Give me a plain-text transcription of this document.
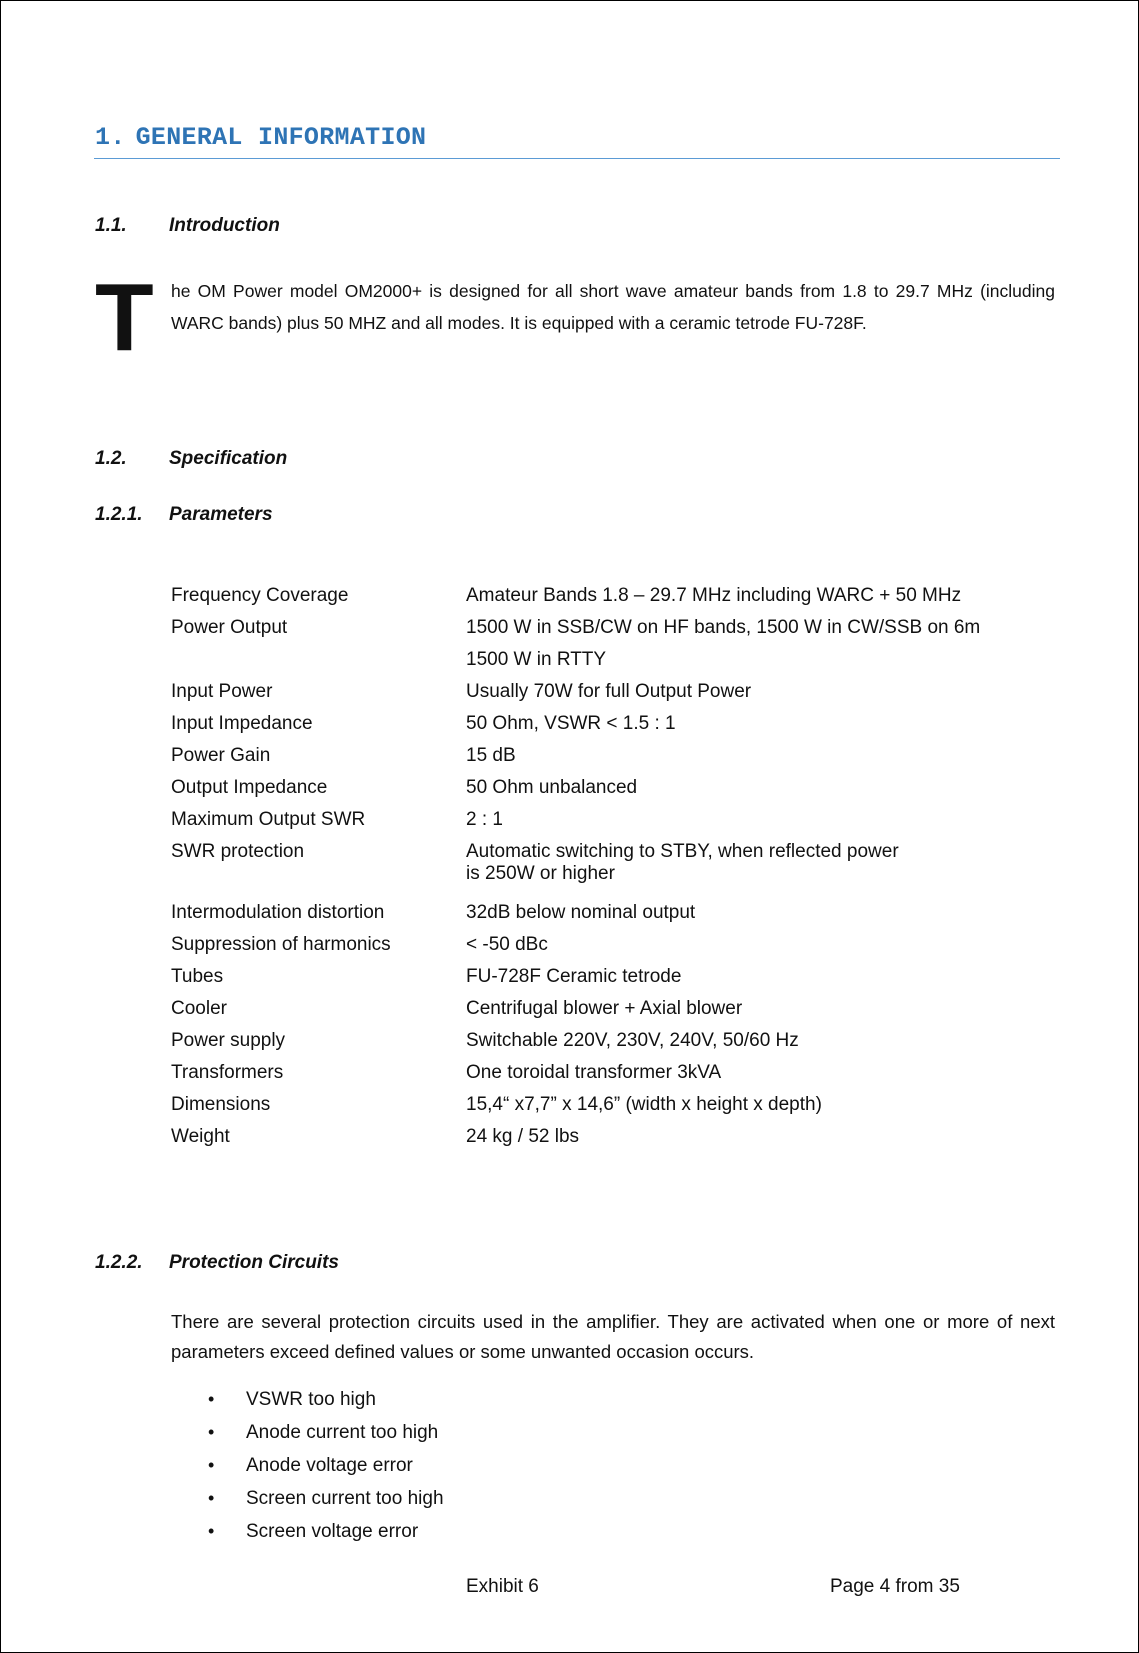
1. GENERAL INFORMATION
1.1. Introduction
T he OM Power model OM2000+ is designed for all short wave amateur bands from 1.8 to 29.7 MHz (including WARC bands) plus 50 MHZ and all modes. It is equipped with a ceramic tetrode FU-728F.
1.2. Specification
1.2.1. Parameters
Frequency Coverage	Amateur Bands 1.8 – 29.7 MHz including WARC + 50 MHz
Power Output	1500 W in SSB/CW on HF bands, 1500 W in CW/SSB on 6m
1500 W in RTTY
Input Power	Usually 70W for full Output Power
Input Impedance	50 Ohm, VSWR < 1.5 : 1
Power Gain	15 dB
Output Impedance	50 Ohm unbalanced
Maximum Output SWR	2 : 1
SWR protection	Automatic switching to STBY, when reflected power
is 250W or higher
Intermodulation distortion	32dB below nominal output
Suppression of harmonics	< -50 dBc
Tubes	FU-728F Ceramic tetrode
Cooler	Centrifugal blower + Axial blower
Power supply	Switchable 220V, 230V, 240V, 50/60 Hz
Transformers	One toroidal transformer 3kVA
Dimensions	15,4“ x7,7” x 14,6” (width x height x depth)
Weight	24 kg / 52 lbs
1.2.2. Protection Circuits
There are several protection circuits used in the amplifier. They are activated when one or more of next parameters exceed defined values or some unwanted occasion occurs.
•	VSWR too high
•	Anode current too high
•	Anode voltage error
•	Screen current too high
•	Screen voltage error
Exhibit 6	Page 4 from 35
